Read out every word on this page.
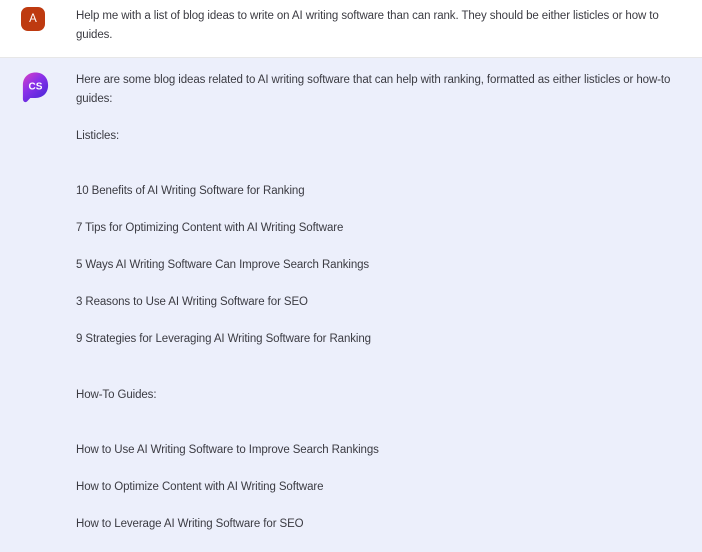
A	Help me with a list of blog ideas to write on AI writing software than can rank. They should be either listicles or how to guides.

CS

Here are some blog ideas related to AI writing software that can help with ranking, formatted as either listicles or how-to guides:

Listicles:

10 Benefits of AI Writing Software for Ranking

7 Tips for Optimizing Content with AI Writing Software

5 Ways AI Writing Software Can Improve Search Rankings

3 Reasons to Use AI Writing Software for SEO

9 Strategies for Leveraging AI Writing Software for Ranking

How-To Guides:

How to Use AI Writing Software to Improve Search Rankings

How to Optimize Content with AI Writing Software

How to Leverage AI Writing Software for SEO
